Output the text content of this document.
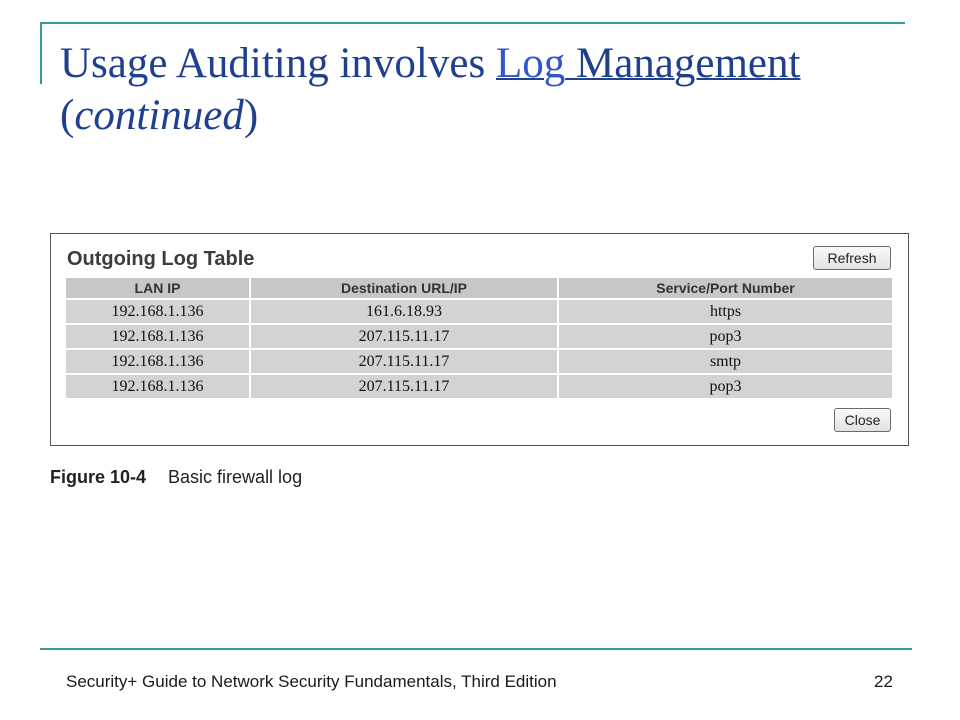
Usage Auditing involves Log Management
(continued)
Outgoing Log Table	Refresh
LAN IP	Destination URL/IP	Service/Port Number
192.168.1.136	161.6.18.93	https
192.168.1.136	207.115.11.17	pop3
192.168.1.136	207.115.11.17	smtp
192.168.1.136	207.115.11.17	pop3
Close
Figure 10-4 Basic firewall log
Security+ Guide to Network Security Fundamentals, Third Edition	22
